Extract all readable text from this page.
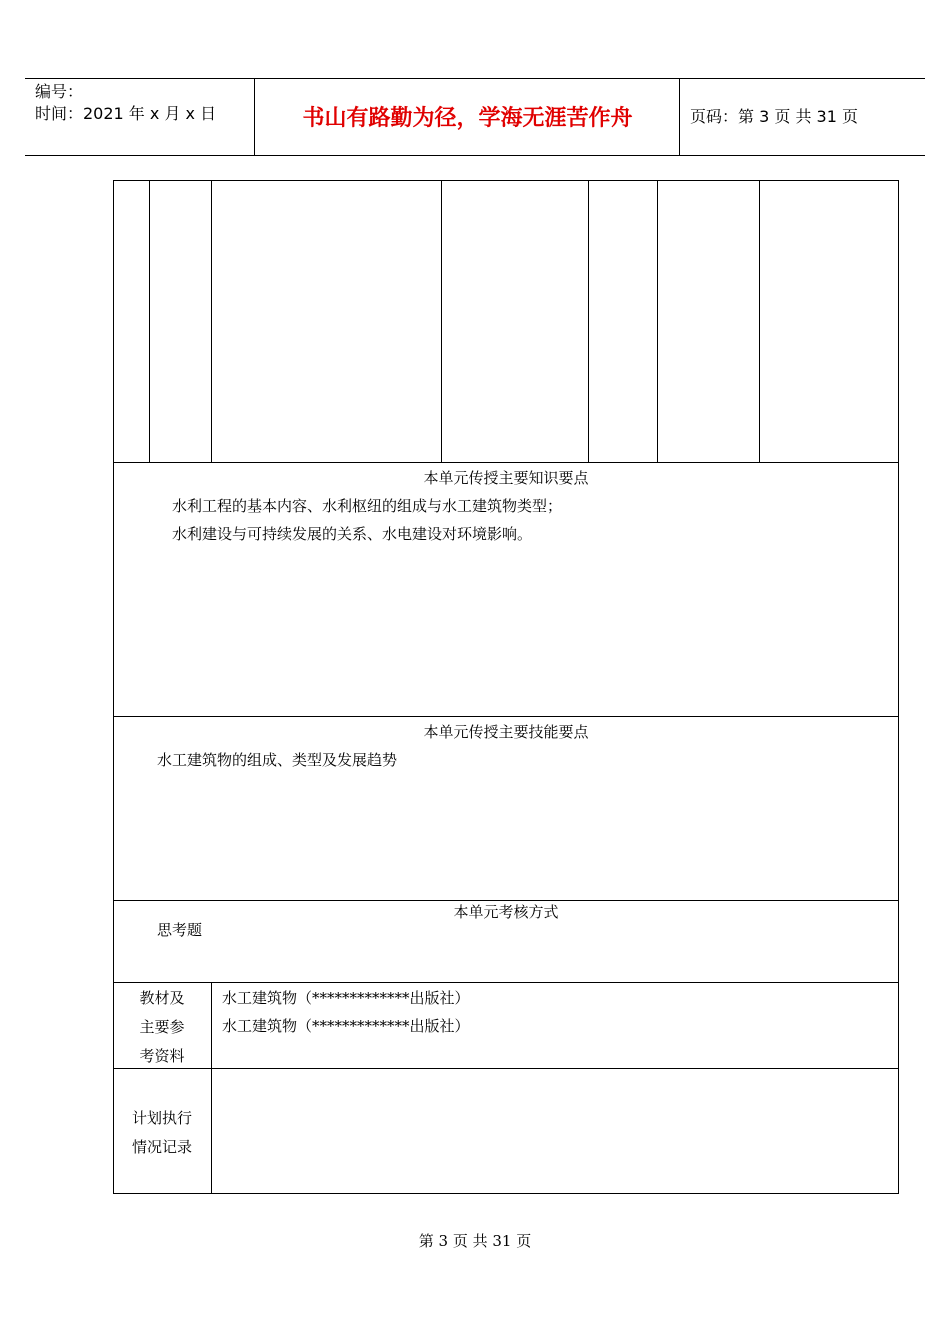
编号：
时间：2021 年 x 月 x 日	书山有路勤为径，学海无涯苦作舟	页码：第 3 页 共 31 页
本单元传授主要知识要点
水利工程的基本内容、水利枢纽的组成与水工建筑物类型；
水利建设与可持续发展的关系、水电建设对环境影响。
本单元传授主要技能要点
水工建筑物的组成、类型及发展趋势
本单元考核方式
思考题
教材及
主要参
考资料
水工建筑物（*************出版社）
水工建筑物（*************出版社）
计划执行
情况记录
第 3 页 共 31 页
